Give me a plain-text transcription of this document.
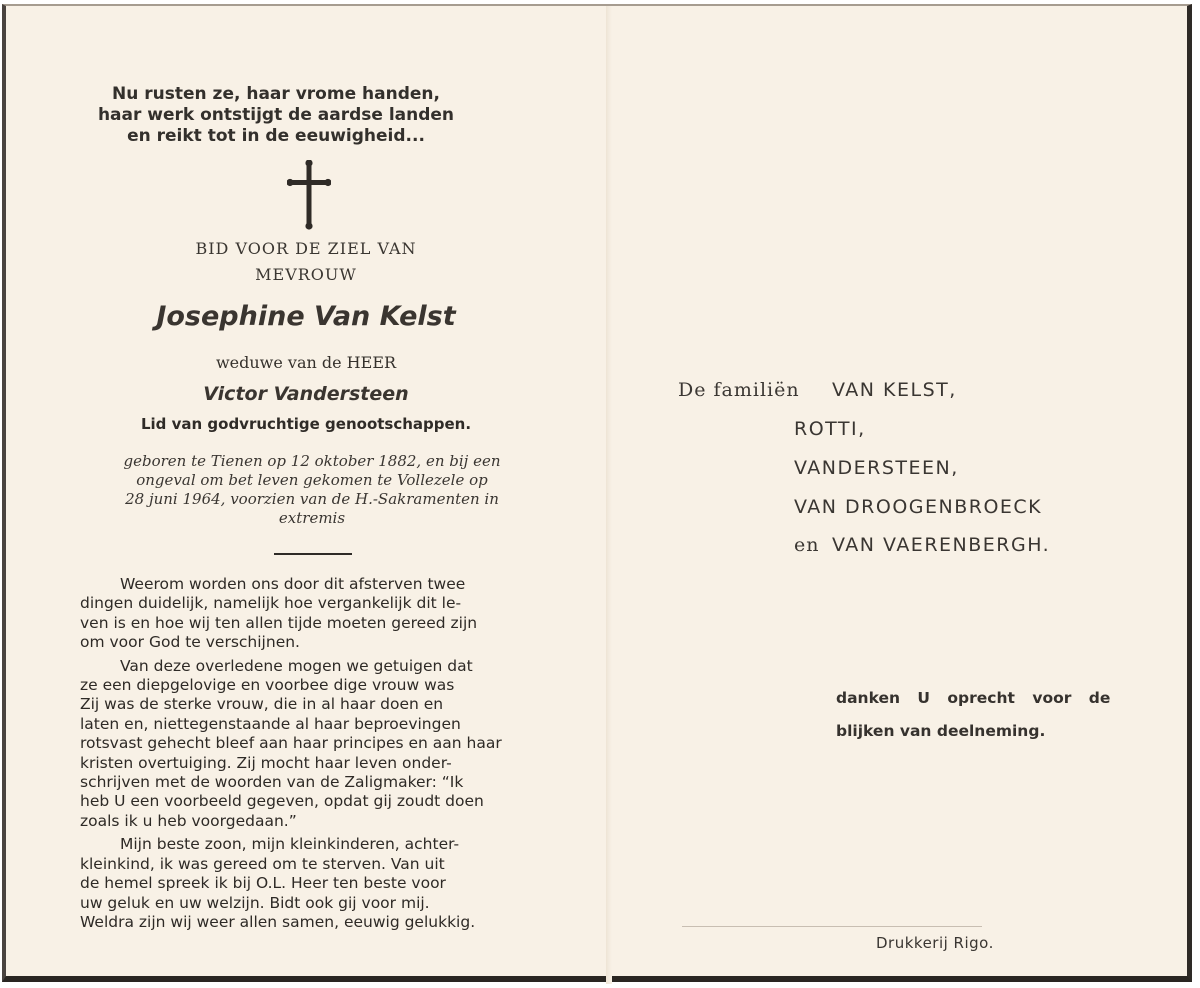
Nu rusten ze, haar vrome handen,
haar werk ontstijgt de aardse landen
en reikt tot in de eeuwigheid...
BID VOOR DE ZIEL VAN
MEVROUW
Josephine Van Kelst
weduwe van de HEER
Victor Vandersteen
Lid van godvruchtige genootschappen.
geboren te Tienen op 12 oktober 1882, en bij een
ongeval om bet leven gekomen te Vollezele op
28 juni 1964, voorzien van de H.-Sakramenten in
extremis

Weerom worden ons door dit afsterven twee
dingen duidelijk, namelijk hoe vergankelijk dit le-
ven is en hoe wij ten allen tijde moeten gereed zijn
om voor God te verschijnen.

Van deze overledene mogen we getuigen dat
ze een diepgelovige en voorbee dige vrouw was
Zij was de sterke vrouw, die in al haar doen en
laten en, niettegenstaande al haar beproevingen
rotsvast gehecht bleef aan haar principes en aan haar
kristen overtuiging. Zij mocht haar leven onder-
schrijven met de woorden van de Zaligmaker: “Ik
heb U een voorbeeld gegeven, opdat gij zoudt doen
zoals ik u heb voorgedaan.”

Mijn beste zoon, mijn kleinkinderen, achter-
kleinkind, ik was gereed om te sterven. Van uit
de hemel spreek ik bij O.L. Heer ten beste voor
uw geluk en uw welzijn. Bidt ook gij voor mij.
Weldra zijn wij weer allen samen, eeuwig gelukkig.

De familiën VAN KELST,
ROTTI,
VANDERSTEEN,
VAN DROOGENBROECK
en VAN VAERENBERGH.
danken U oprecht voor de
blijken van deelneming.
Drukkerij Rigo.
